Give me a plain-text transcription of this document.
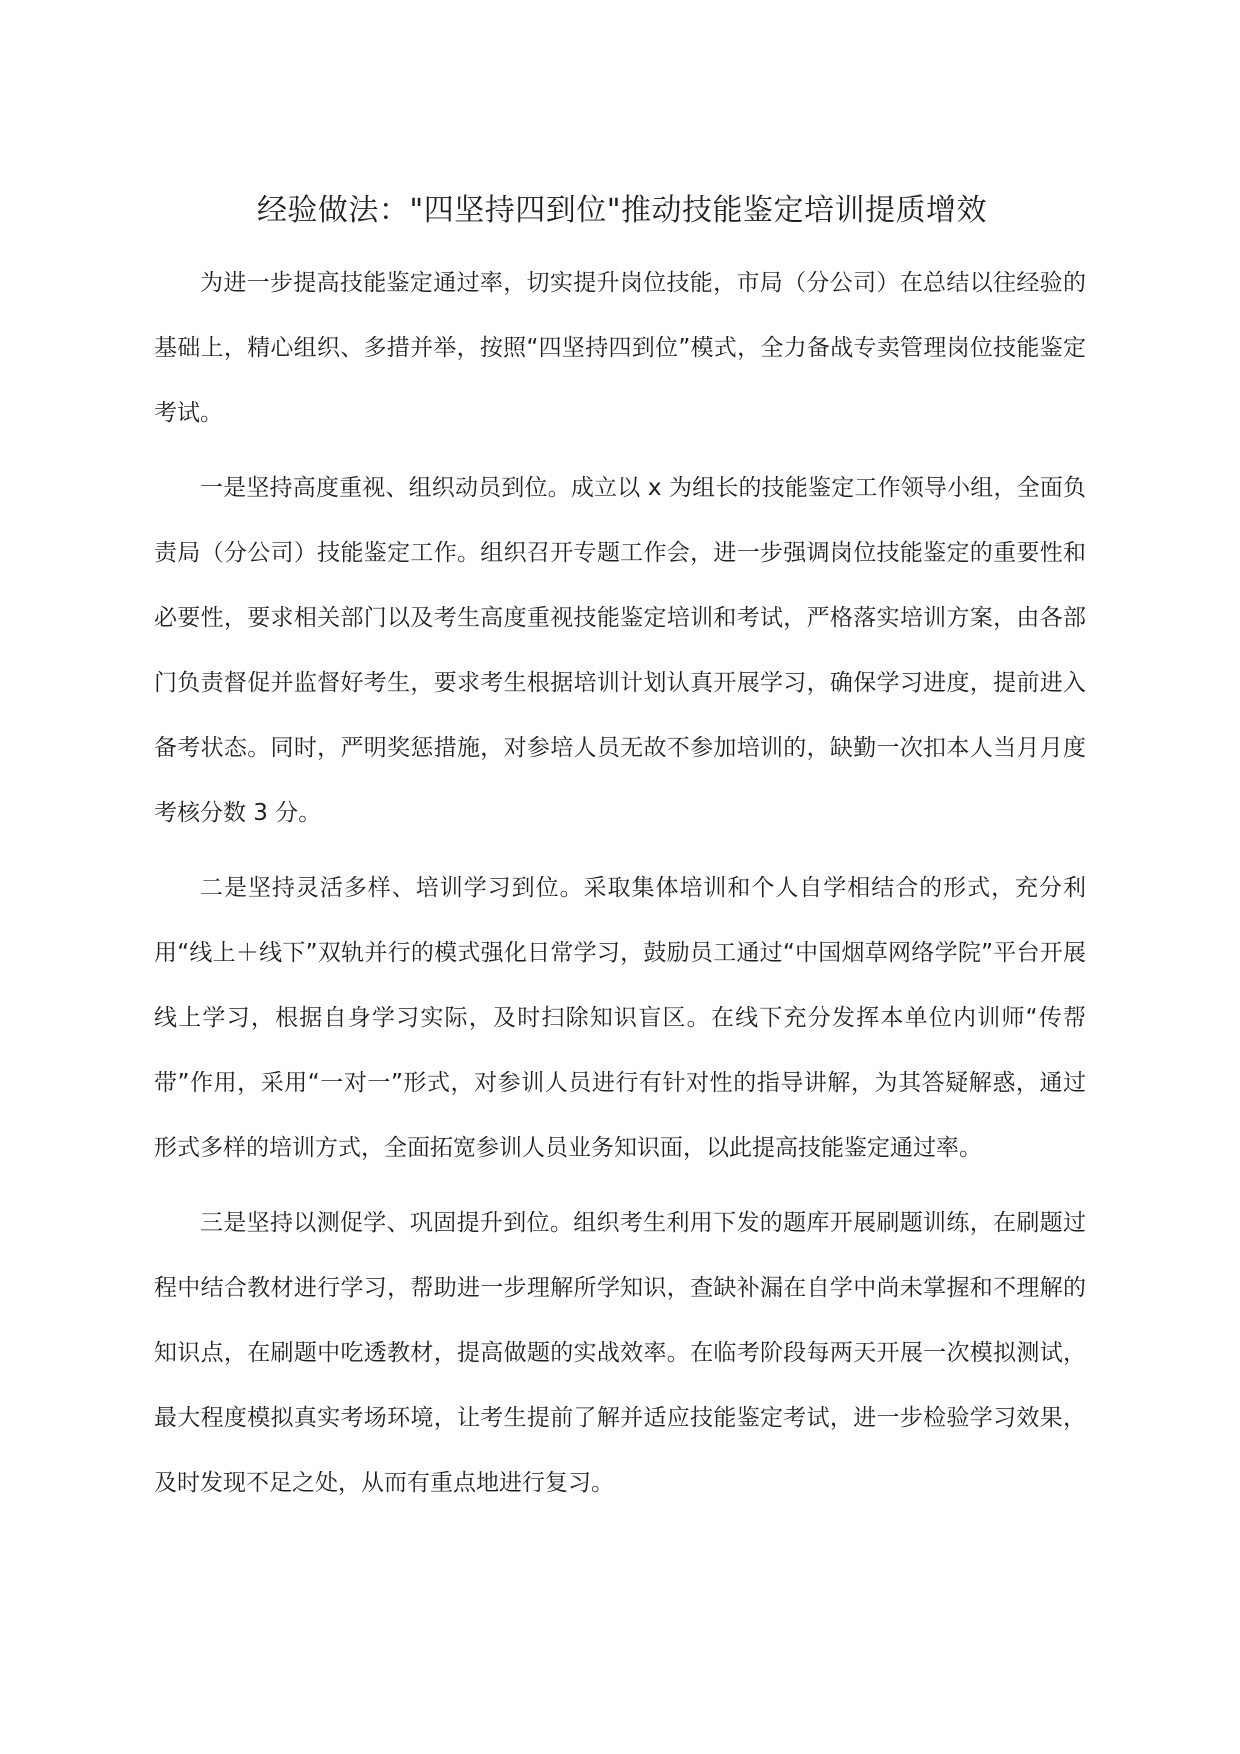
经验做法："四坚持四到位"推动技能鉴定培训提质增效

为进一步提高技能鉴定通过率，切实提升岗位技能，市局（分公司）在总结以往经验的基础上，精心组织、多措并举，按照“四坚持四到位”模式，全力备战专卖管理岗位技能鉴定考试。

一是坚持高度重视、组织动员到位。成立以 x 为组长的技能鉴定工作领导小组，全面负责局（分公司）技能鉴定工作。组织召开专题工作会，进一步强调岗位技能鉴定的重要性和必要性，要求相关部门以及考生高度重视技能鉴定培训和考试，严格落实培训方案，由各部门负责督促并监督好考生，要求考生根据培训计划认真开展学习，确保学习进度，提前进入备考状态。同时，严明奖惩措施，对参培人员无故不参加培训的，缺勤一次扣本人当月月度考核分数 3 分。

二是坚持灵活多样、培训学习到位。采取集体培训和个人自学相结合的形式，充分利用“线上＋线下”双轨并行的模式强化日常学习，鼓励员工通过“中国烟草网络学院”平台开展线上学习，根据自身学习实际，及时扫除知识盲区。在线下充分发挥本单位内训师“传帮带”作用，采用“一对一”形式，对参训人员进行有针对性的指导讲解，为其答疑解惑，通过形式多样的培训方式，全面拓宽参训人员业务知识面，以此提高技能鉴定通过率。

三是坚持以测促学、巩固提升到位。组织考生利用下发的题库开展刷题训练，在刷题过程中结合教材进行学习，帮助进一步理解所学知识，查缺补漏在自学中尚未掌握和不理解的知识点，在刷题中吃透教材，提高做题的实战效率。在临考阶段每两天开展一次模拟测试，最大程度模拟真实考场环境，让考生提前了解并适应技能鉴定考试，进一步检验学习效果，及时发现不足之处，从而有重点地进行复习。
